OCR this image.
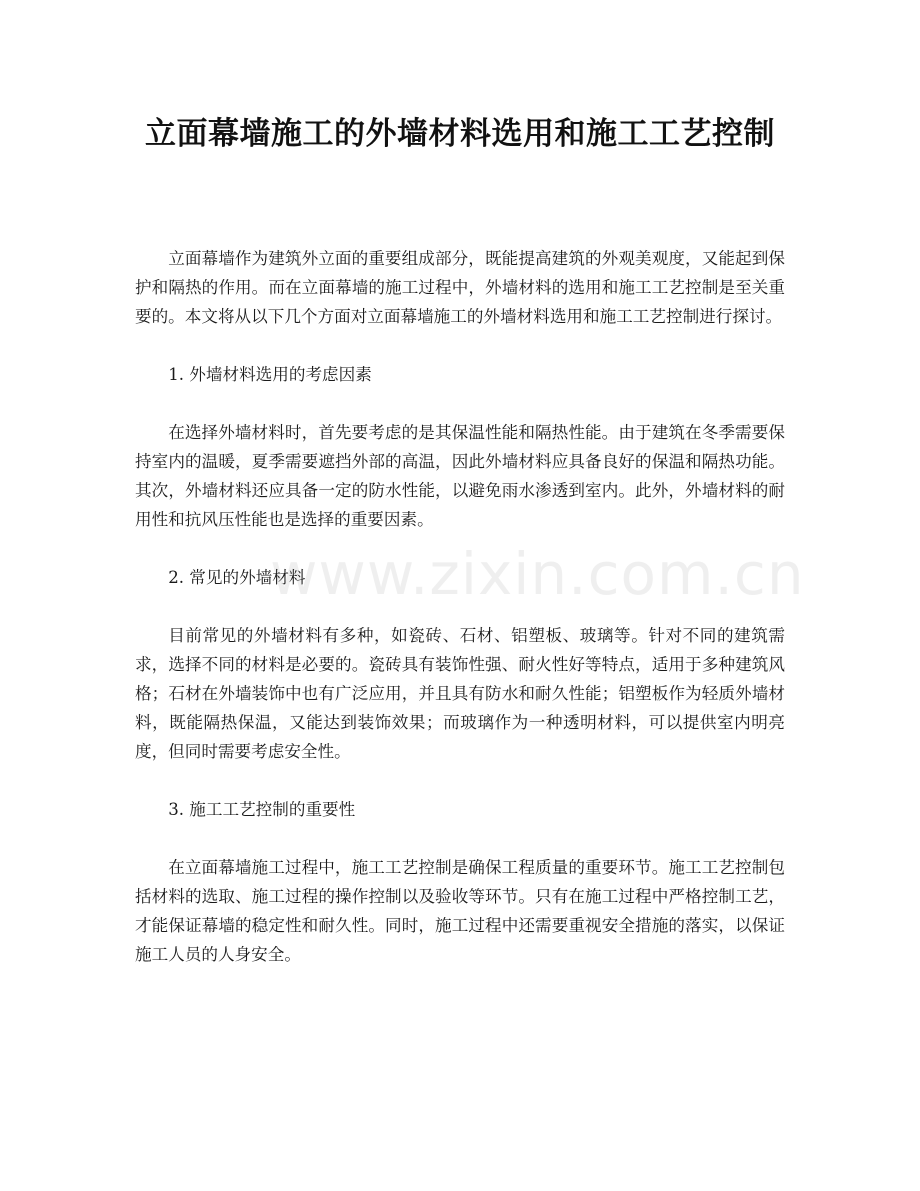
立面幕墙施工的外墙材料选用和施工工艺控制

立面幕墙作为建筑外立面的重要组成部分，既能提高建筑的外观美观度，又能起到保护和隔热的作用。而在立面幕墙的施工过程中，外墙材料的选用和施工工艺控制是至关重要的。本文将从以下几个方面对立面幕墙施工的外墙材料选用和施工工艺控制进行探讨。

1. 外墙材料选用的考虑因素

在选择外墙材料时，首先要考虑的是其保温性能和隔热性能。由于建筑在冬季需要保持室内的温暖，夏季需要遮挡外部的高温，因此外墙材料应具备良好的保温和隔热功能。其次，外墙材料还应具备一定的防水性能，以避免雨水渗透到室内。此外，外墙材料的耐用性和抗风压性能也是选择的重要因素。

2. 常见的外墙材料

目前常见的外墙材料有多种，如瓷砖、石材、铝塑板、玻璃等。针对不同的建筑需求，选择不同的材料是必要的。瓷砖具有装饰性强、耐火性好等特点，适用于多种建筑风格；石材在外墙装饰中也有广泛应用，并且具有防水和耐久性能；铝塑板作为轻质外墙材料，既能隔热保温，又能达到装饰效果；而玻璃作为一种透明材料，可以提供室内明亮度，但同时需要考虑安全性。

3. 施工工艺控制的重要性

在立面幕墙施工过程中，施工工艺控制是确保工程质量的重要环节。施工工艺控制包括材料的选取、施工过程的操作控制以及验收等环节。只有在施工过程中严格控制工艺，才能保证幕墙的稳定性和耐久性。同时，施工过程中还需要重视安全措施的落实，以保证施工人员的人身安全。

www.zixin.com.cn
